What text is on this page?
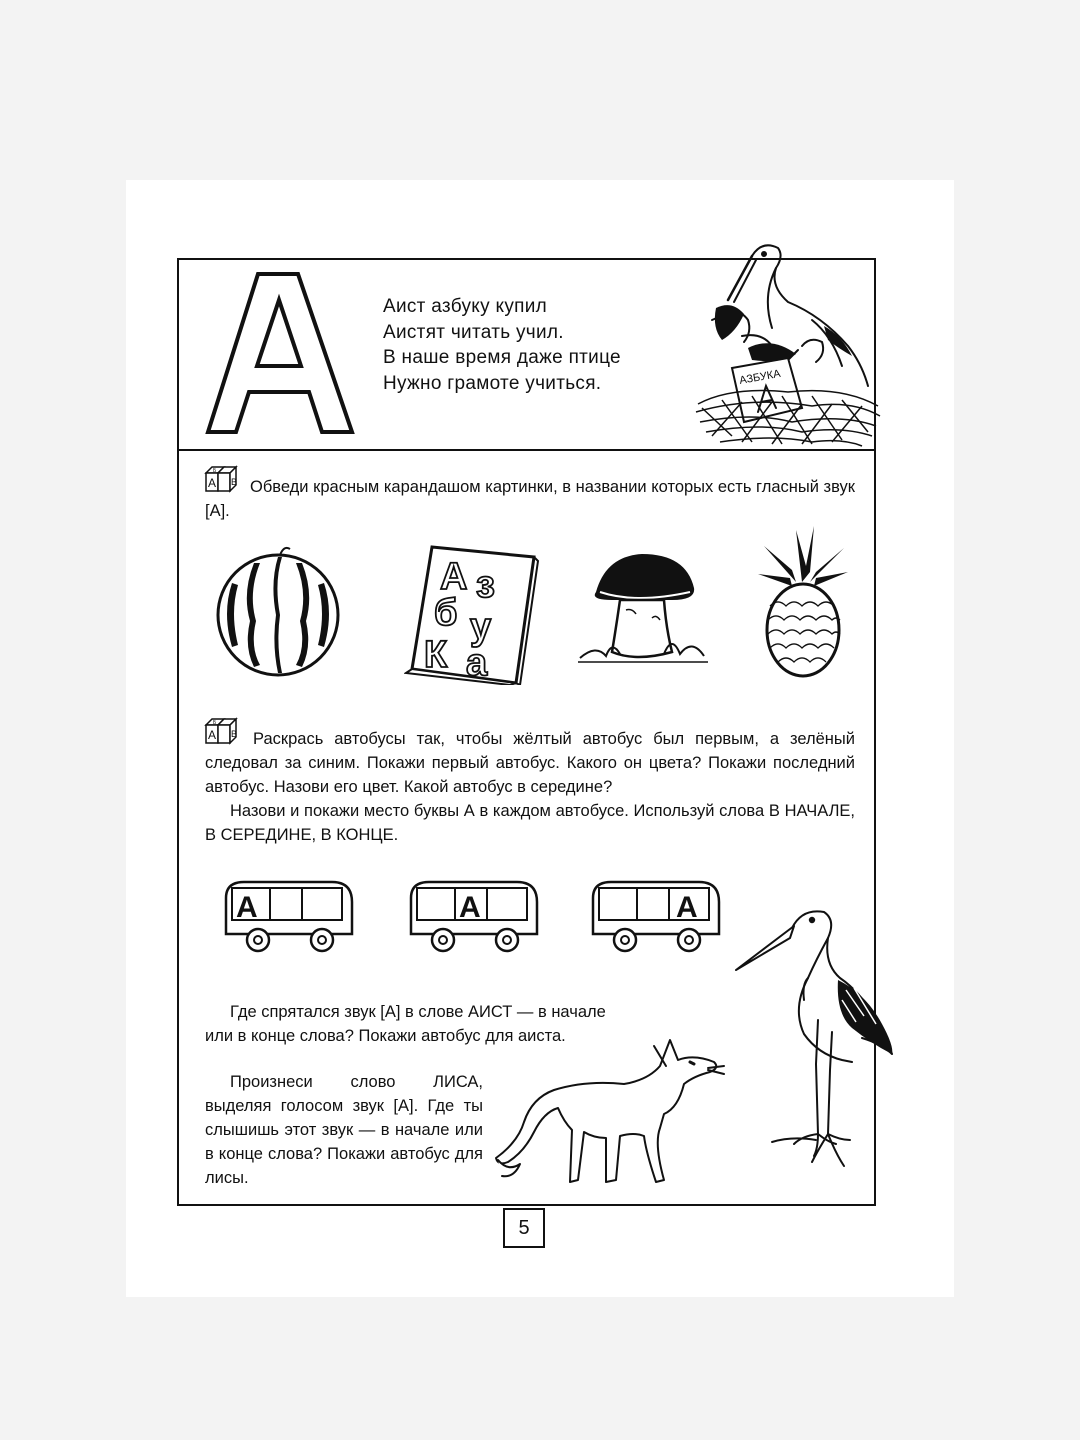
Аист азбуку купил
Аистят читать учил.
В наше время даже птице
Нужно грамоте учиться.	АЗБУКА
А
Б
В Обведи красным карандашом картинки, в названии которых есть гласный звук [А].

А з
б у
К а
А
Б
В Раскрась автобусы так, чтобы жёлтый автобус был первым, а зелёный следовал за синим. Покажи первый автобус. Какого он цвета? Покажи последний автобус. Назови его цвет. Какой автобус в середине?

Назови и покажи место буквы А в каждом автобусе. Используй слова В НАЧАЛЕ, В СЕРЕДИНЕ, В КОНЦЕ.

А	А	А

Где спрятался звук [А] в слове АИСТ — в начале или в конце слова? Покажи автобус для аиста.

Произнеси слово ЛИСА, выделяя голосом звук [А]. Где ты слышишь этот звук — в начале или в конце слова? Покажи автобус для лисы.

5
